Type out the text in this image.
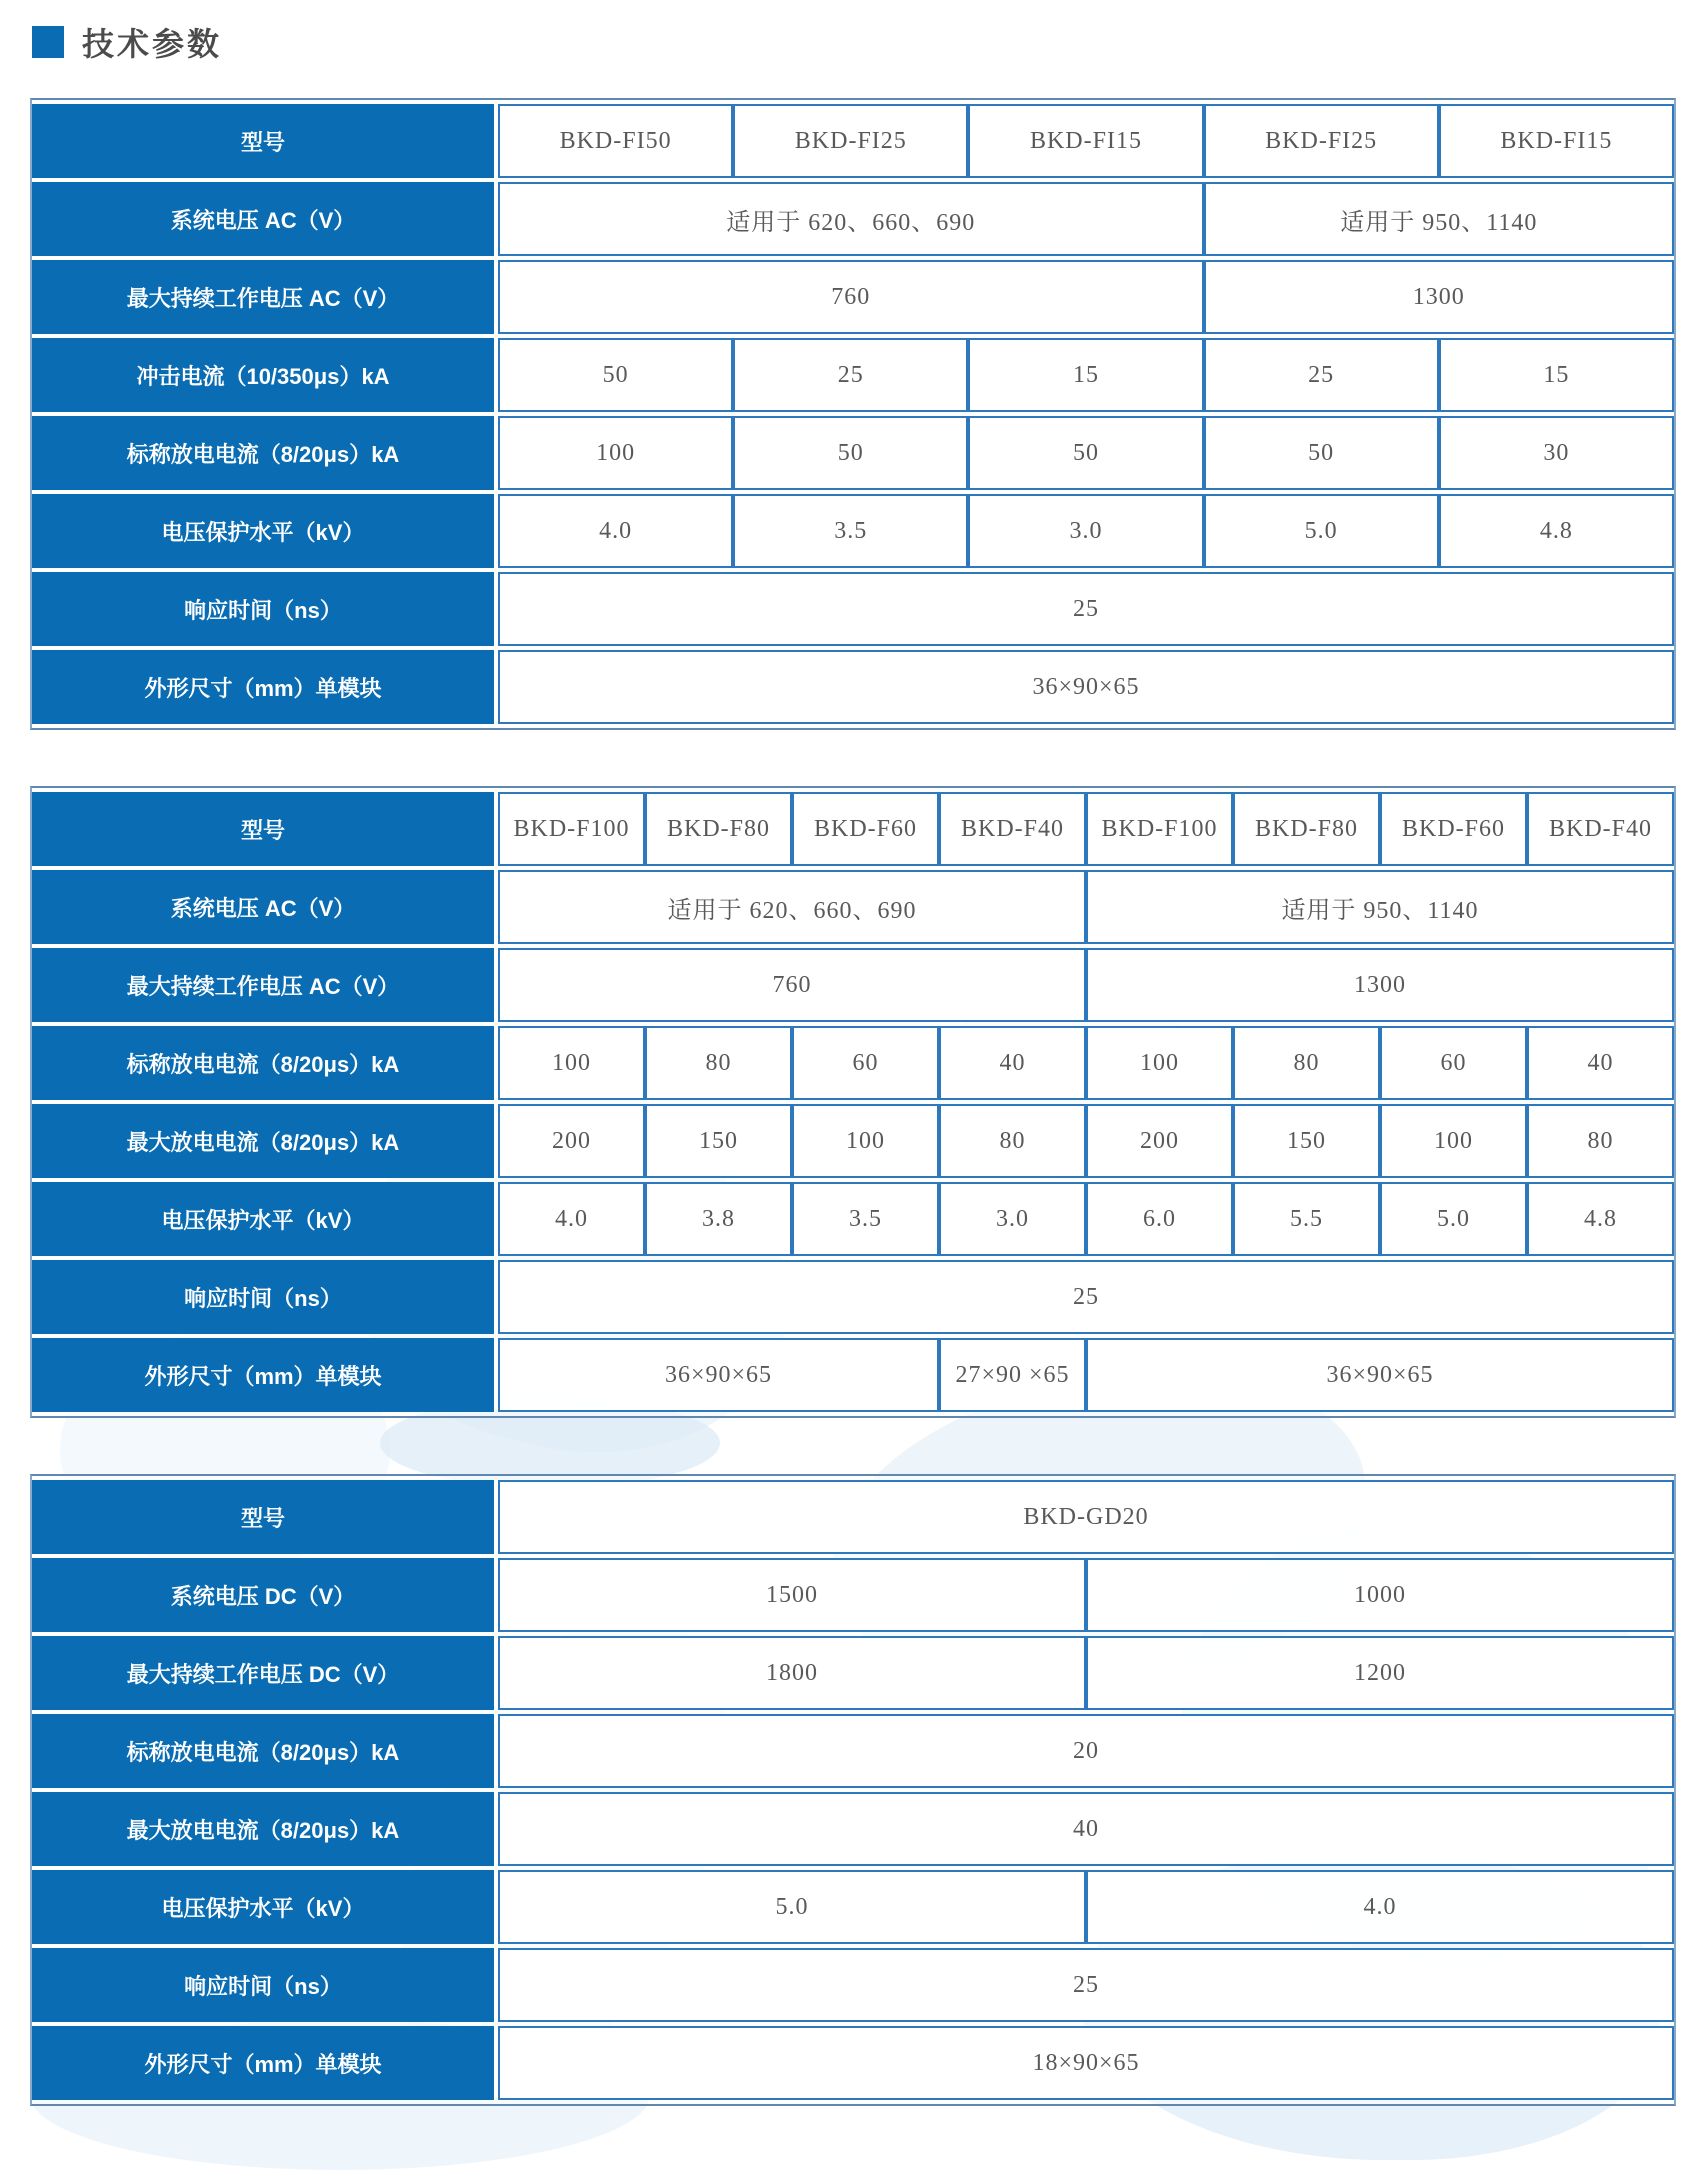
技术参数
型号	BKD-FI50	BKD-FI25	BKD-FI15	BKD-FI25	BKD-FI15
系统电压 AC（V）	适用于 620、660、690			适用于 950、1140	
最大持续工作电压 AC（V）	760			1300	
冲击电流（10/350μs）kA	50	25	15	25	15
标称放电电流（8/20μs）kA	100	50	50	50	30
电压保护水平（kV）	4.0	3.5	3.0	5.0	4.8
响应时间（ns）	25				
外形尺寸（mm）单模块	36×90×65				
型号	BKD-F100	BKD-F80	BKD-F60	BKD-F40	BKD-F100	BKD-F80	BKD-F60	BKD-F40
系统电压 AC（V）	适用于 620、660、690				适用于 950、1140			
最大持续工作电压 AC（V）	760				1300			
标称放电电流（8/20μs）kA	100	80	60	40	100	80	60	40
最大放电电流（8/20μs）kA	200	150	100	80	200	150	100	80
电压保护水平（kV）	4.0	3.8	3.5	3.0	6.0	5.5	5.0	4.8
响应时间（ns）	25							
外形尺寸（mm）单模块	36×90×65			27×90 ×65	36×90×65			
型号	BKD-GD20	
系统电压 DC（V）	1500	1000
最大持续工作电压 DC（V）	1800	1200
标称放电电流（8/20μs）kA	20	
最大放电电流（8/20μs）kA	40	
电压保护水平（kV）	5.0	4.0
响应时间（ns）	25	
外形尺寸（mm）单模块	18×90×65	
